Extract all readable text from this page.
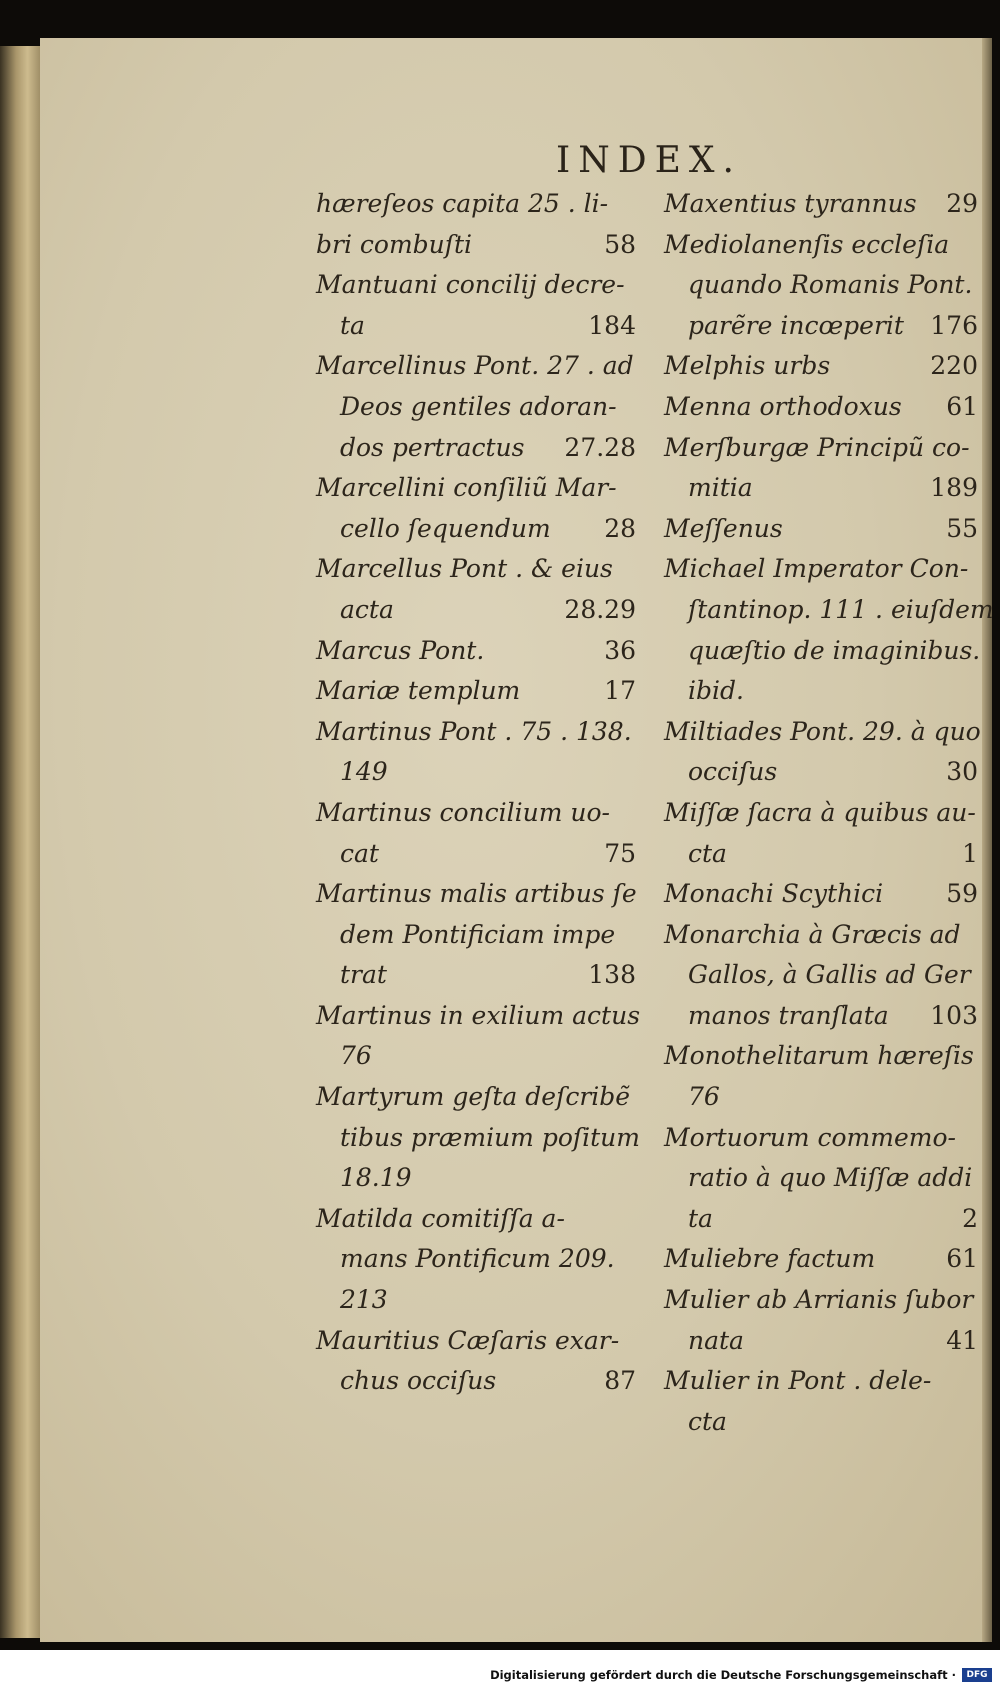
INDEX.
hæreſeos capita 25 . li-
bri combuſti	58
Mantuani concilij decre-
ta	184
Marcellinus Pont. 27 . ad
Deos gentiles adoran-
dos pertractus 27.28
Marcellini conſiliũ Mar-
cello ſequendum 28
Marcellus Pont . & eius
acta	28.29
Marcus Pont.	36
Mariæ templum	17
Martinus Pont . 75 . 138.
149
Martinus concilium uo-
cat	75
Martinus malis artibus ſe
dem Pontificiam impe
trat	138
Martinus in exilium actus
76
Martyrum geſta deſcribẽ
tibus præmium poſitum
18.19
Matilda comitiſſa a-
mans Pontificum 209.
213
Mauritius Cæſaris exar-
chus occiſus	87
Maxentius tyrannus 29
Mediolanenſis eccleſia
quando Romanis Pont.
parẽre incœperit 176
Melphis urbs	220
Menna orthodoxus 61
Merſburgæ Principũ co-
mitia	189
Meſſenus	55
Michael Imperator Con-
ſtantinop. 111 . eiuſdem
quæſtio de imaginibus.
ibid.
Miltiades Pont. 29. à quo
occiſus	30
Miſſæ ſacra à quibus au-
cta	1
Monachi Scythici	59
Monarchia à Græcis ad
Gallos, à Gallis ad Ger
manos tranſlata 103
Monothelitarum hæreſis
76
Mortuorum commemo-
ratio à quo Miſſæ addi
ta	2
Muliebre factum	61
Mulier ab Arrianis ſubor
nata	41
Mulier in Pont . dele-
cta
Digitalisierung gefördert durch die Deutsche Forschungsgemeinschaft ·	DFG
